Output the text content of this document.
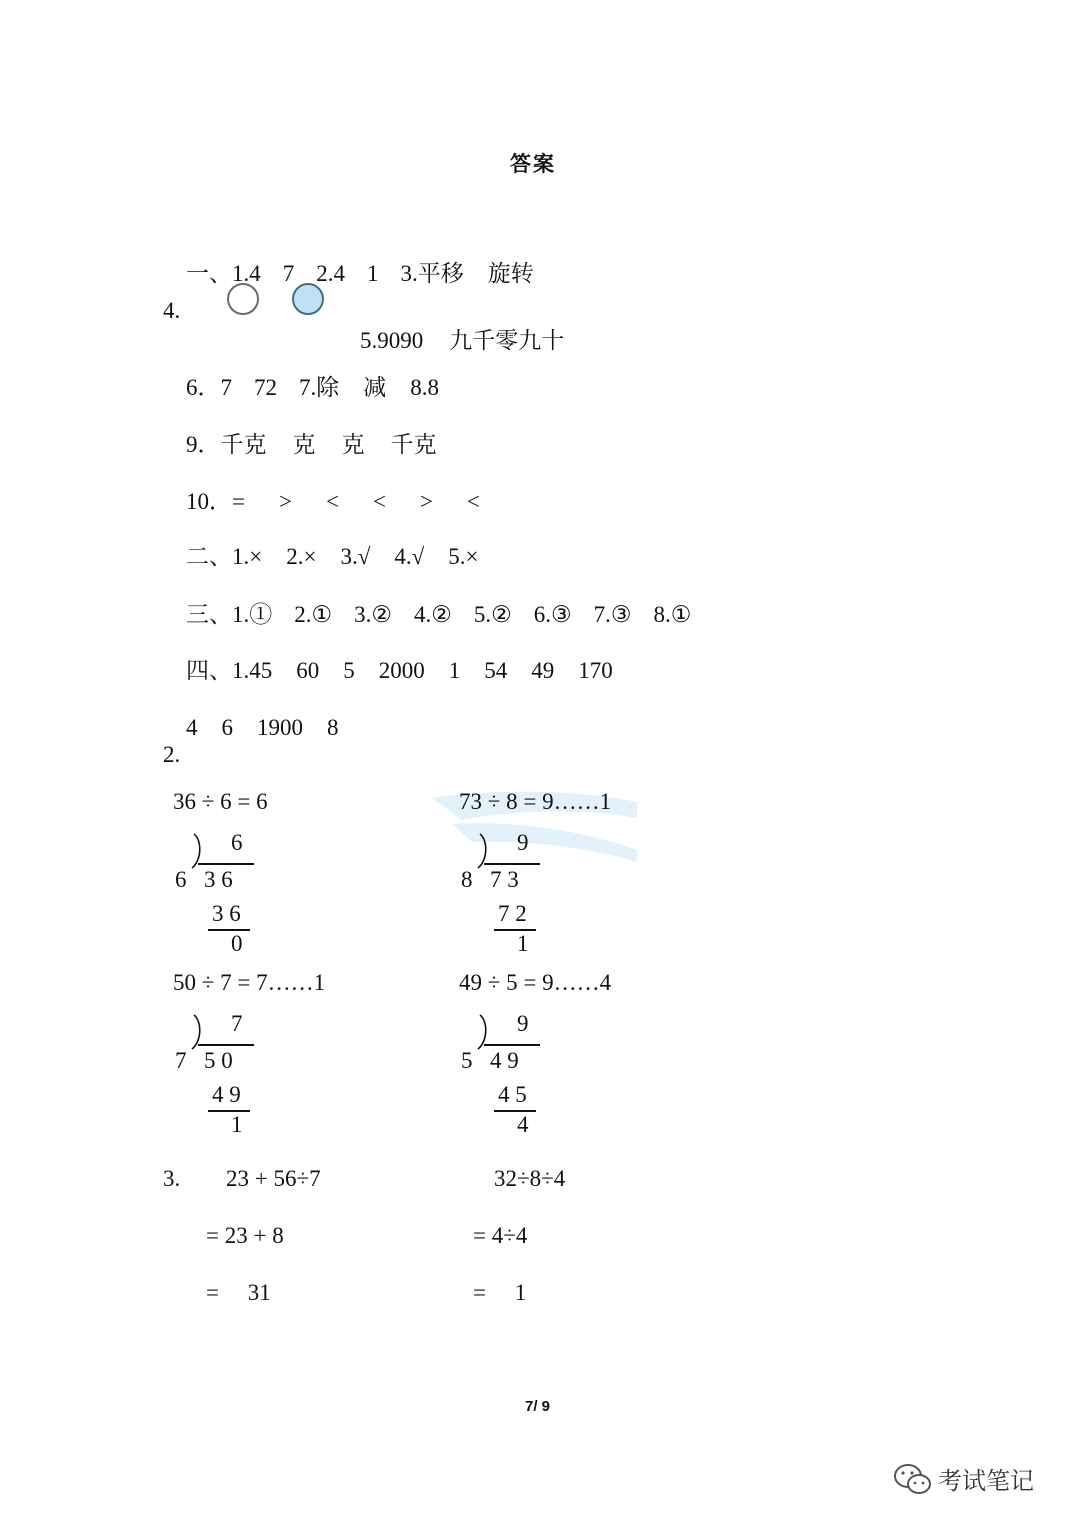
答案

一、1.4 7 2.4 1 3.平移 旋转

4.

5.9090 九千零九十

6．7 72 7.除 减 8.8

9．千克 克 克 千克

10．= > < < > <

二、1.× 2.× 3.√ 4.√ 5.×

三、1.① 2.① 3.② 4.② 5.② 6.③ 7.③ 8.①

四、1.45 60 5 2000 1 54 49 170

4 6 1900 8

2.
36 ÷ 6 = 6	73 ÷ 8 = 9……1
50 ÷ 7 = 7……1	49 ÷ 5 = 9……4
6
6 3 6
3 6
0
9
8 7 3
7 2
1
7
7 5 0
4 9
1
9
5 4 9
4 5
4
3. 23 + 56÷7
= 23 + 8
=     31
32÷8÷4
= 4÷4
=     1
7/ 9
考试笔记
